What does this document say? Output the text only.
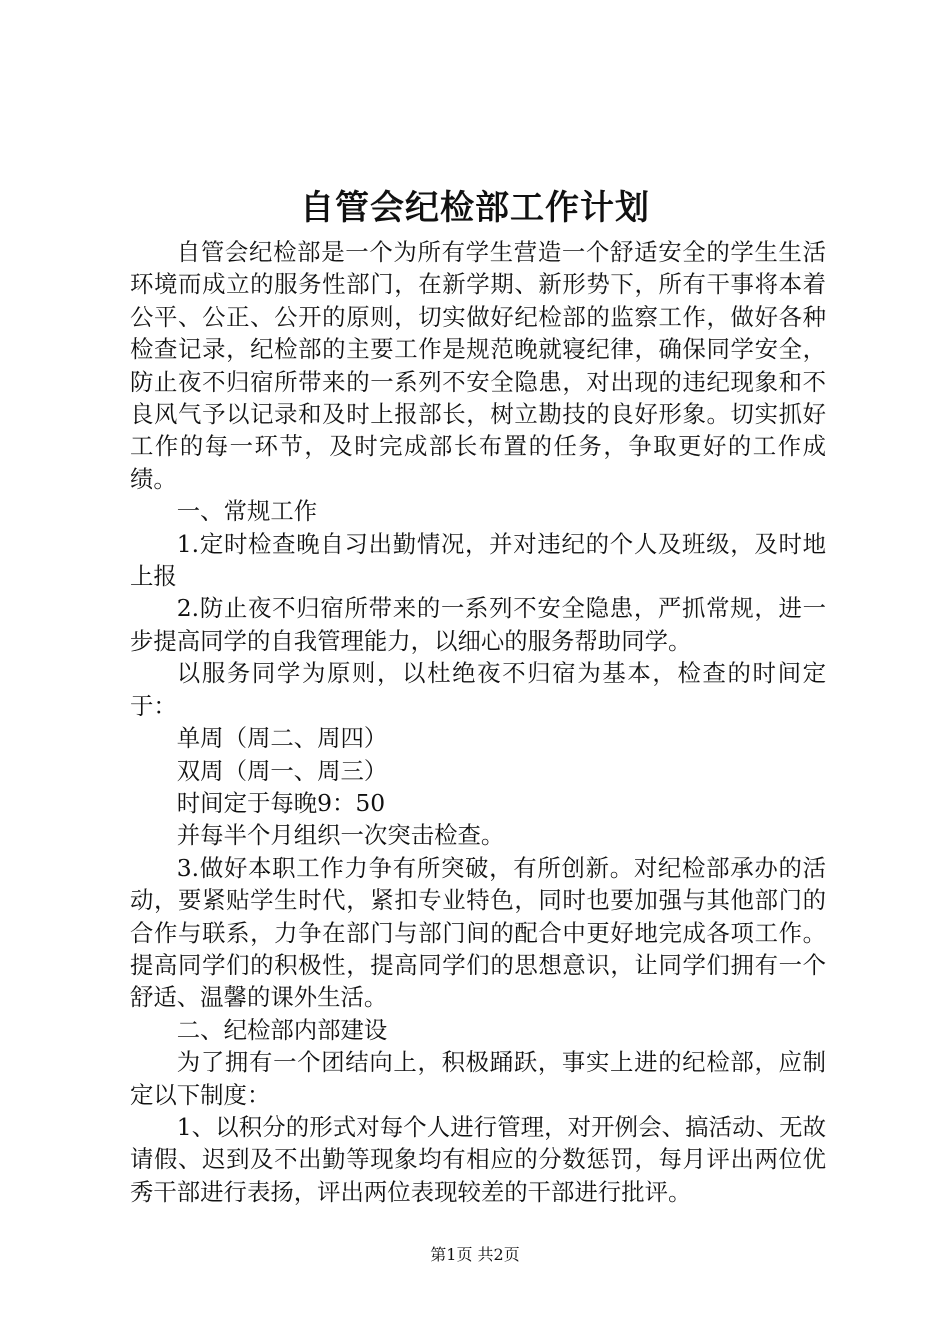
自管会纪检部工作计划

自管会纪检部是一个为所有学生营造一个舒适安全的学生生活环境而成立的服务性部门，在新学期、新形势下，所有干事将本着公平、公正、公开的原则，切实做好纪检部的监察工作，做好各种检查记录，纪检部的主要工作是规范晚就寝纪律，确保同学安全，防止夜不归宿所带来的一系列不安全隐患，对出现的违纪现象和不良风气予以记录和及时上报部长，树立勘技的良好形象。切实抓好工作的每一环节，及时完成部长布置的任务，争取更好的工作成绩。

一、常规工作

1.定时检查晚自习出勤情况，并对违纪的个人及班级，及时地上报

2.防止夜不归宿所带来的一系列不安全隐患，严抓常规，进一步提高同学的自我管理能力，以细心的服务帮助同学。

以服务同学为原则，以杜绝夜不归宿为基本，检查的时间定于：

单周（周二、周四）

双周（周一、周三）

时间定于每晚9：50

并每半个月组织一次突击检查。

3.做好本职工作力争有所突破，有所创新。对纪检部承办的活动，要紧贴学生时代，紧扣专业特色，同时也要加强与其他部门的合作与联系，力争在部门与部门间的配合中更好地完成各项工作。提高同学们的积极性，提高同学们的思想意识，让同学们拥有一个舒适、温馨的课外生活。

二、纪检部内部建设

为了拥有一个团结向上，积极踊跃，事实上进的纪检部，应制定以下制度：

1、以积分的形式对每个人进行管理，对开例会、搞活动、无故请假、迟到及不出勤等现象均有相应的分数惩罚，每月评出两位优秀干部进行表扬，评出两位表现较差的干部进行批评。

第1页 共2页
